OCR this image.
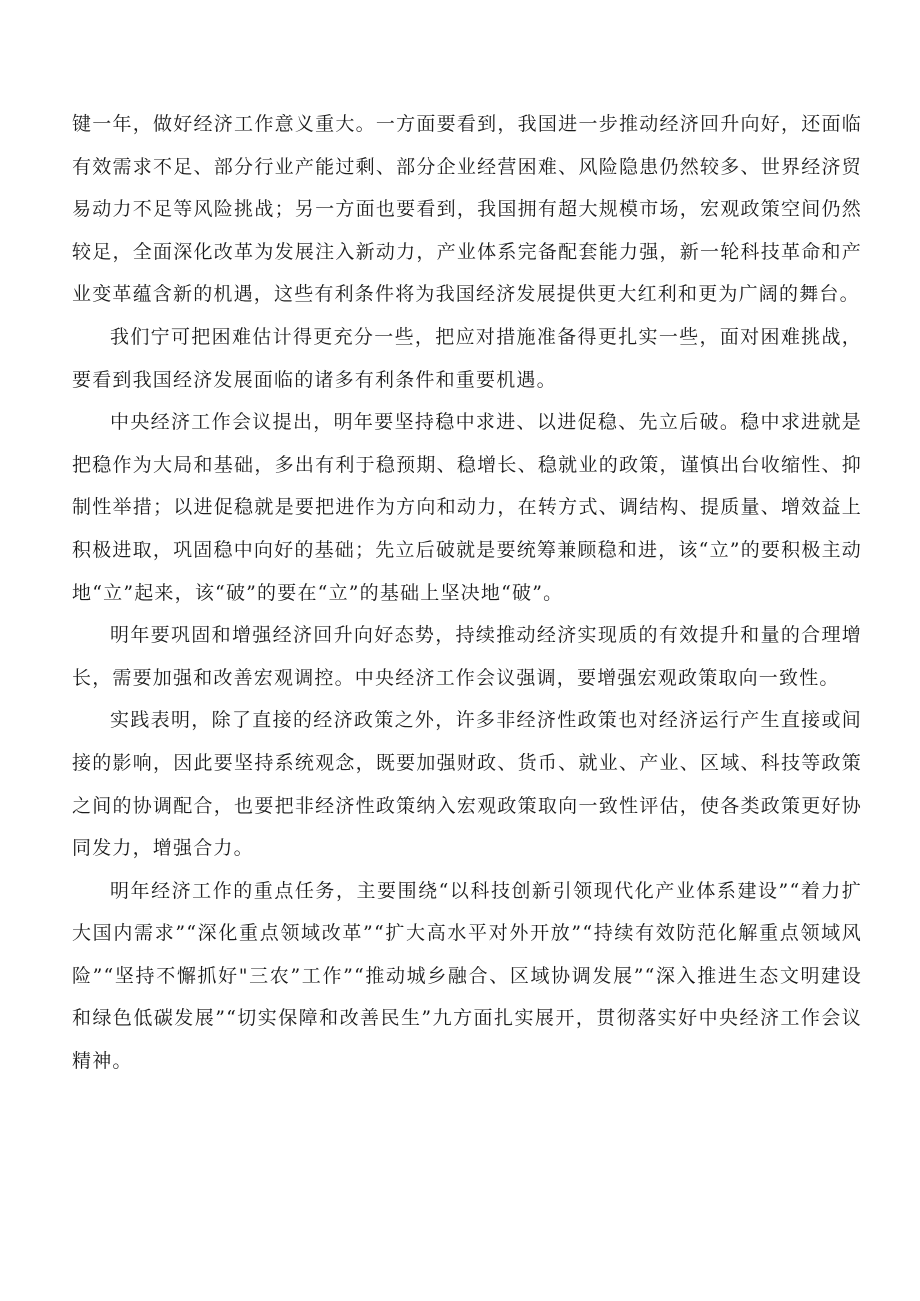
键一年，做好经济工作意义重大。一方面要看到，我国进一步推动经济回升向好，还面临有效需求不足、部分行业产能过剩、部分企业经营困难、风险隐患仍然较多、世界经济贸易动力不足等风险挑战；另一方面也要看到，我国拥有超大规模市场，宏观政策空间仍然较足，全面深化改革为发展注入新动力，产业体系完备配套能力强，新一轮科技革命和产业变革蕴含新的机遇，这些有利条件将为我国经济发展提供更大红利和更为广阔的舞台。

我们宁可把困难估计得更充分一些，把应对措施准备得更扎实一些，面对困难挑战，要看到我国经济发展面临的诸多有利条件和重要机遇。

中央经济工作会议提出，明年要坚持稳中求进、以进促稳、先立后破。稳中求进就是把稳作为大局和基础，多出有利于稳预期、稳增长、稳就业的政策，谨慎出台收缩性、抑制性举措；以进促稳就是要把进作为方向和动力，在转方式、调结构、提质量、增效益上积极进取，巩固稳中向好的基础；先立后破就是要统筹兼顾稳和进，该“立”的要积极主动地“立”起来，该“破”的要在“立”的基础上坚决地“破”。

明年要巩固和增强经济回升向好态势，持续推动经济实现质的有效提升和量的合理增长，需要加强和改善宏观调控。中央经济工作会议强调，要增强宏观政策取向一致性。

实践表明，除了直接的经济政策之外，许多非经济性政策也对经济运行产生直接或间接的影响，因此要坚持系统观念，既要加强财政、货币、就业、产业、区域、科技等政策之间的协调配合，也要把非经济性政策纳入宏观政策取向一致性评估，使各类政策更好协同发力，增强合力。

明年经济工作的重点任务，主要围绕“以科技创新引领现代化产业体系建设”“着力扩大国内需求”“深化重点领域改革”“扩大高水平对外开放”“持续有效防范化解重点领域风险”“坚持不懈抓好"三农”工作”“推动城乡融合、区域协调发展”“深入推进生态文明建设和绿色低碳发展”“切实保障和改善民生”九方面扎实展开，贯彻落实好中央经济工作会议精神。
